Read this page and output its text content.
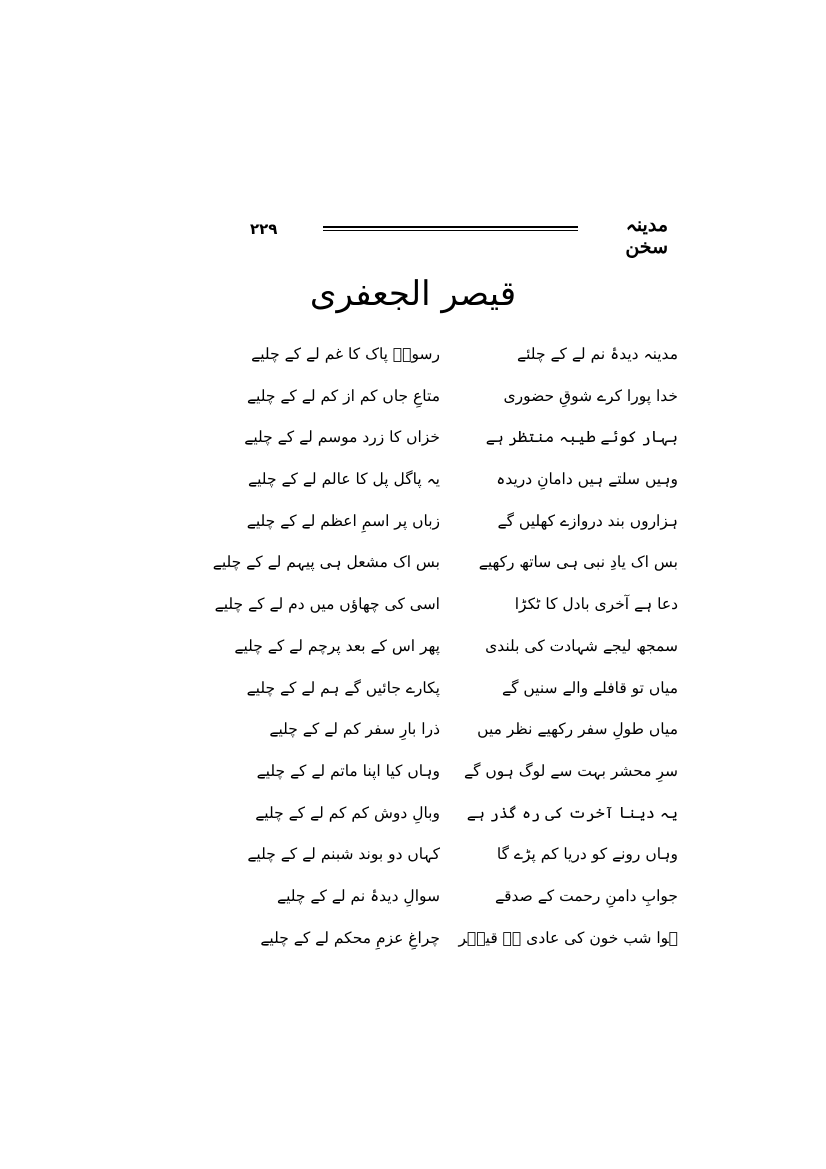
۲۲۹	مدینہ سخن
قیصر الجعفری
مدینہ دیدۂ نم لے کے چلئے
رسولؐ پاک کا غم لے کے چلیے
خدا پورا کرے شوقِ حضوری
متاعِ جاں کم از کم لے کے چلیے
بہار کوئے طیبہ منتظر ہے
خزاں کا زرد موسم لے کے چلیے
وہیں سلتے ہیں دامانِ دریدہ
یہ پاگل پل کا عالم لے کے چلیے
ہزاروں بند دروازے کھلیں گے
زباں پر اسمِ اعظم لے کے چلیے
بس اک یادِ نبی ہی ساتھ رکھیے
بس اک مشعل ہی پیہم لے کے چلیے
دعا ہے آخری بادل کا ٹکڑا
اسی کی چھاؤں میں دم لے کے چلیے
سمجھ لیجے شہادت کی بلندی
پھر اس کے بعد پرچم لے کے چلیے
میاں تو قافلے والے سنیں گے
پکارے جائیں گے ہم لے کے چلیے
میاں طولِ سفر رکھیے نظر میں
ذرا بارِ سفر کم لے کے چلیے
سرِ محشر بہت سے لوگ ہوں گے
وہاں کیا اپنا ماتم لے کے چلیے
یہ دینا آخرت کی رہ گذر ہے
وبالِ دوش کم کم لے کے چلیے
وہاں رونے کو دریا کم پڑے گا
کہاں دو بوند شبنم لے کے چلیے
جوابِ دامنِ رحمت کے صدقے
سوالِ دیدۂ نم لے کے چلیے
ہوا شب خون کی عادی ہے قیصؔر
چراغِ عزمِ محکم لے کے چلیے
